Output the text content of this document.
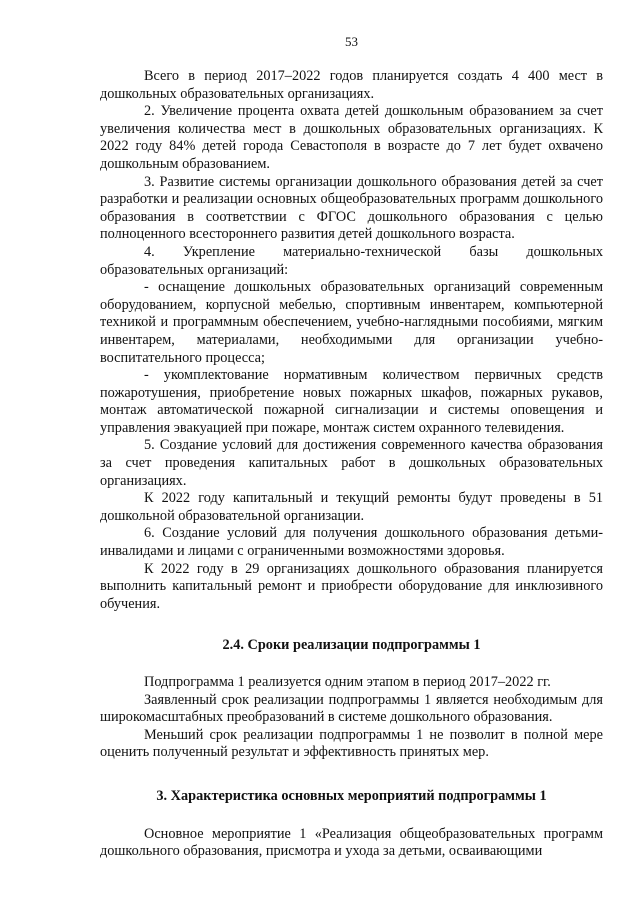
53

Всего в период 2017–2022 годов планируется создать 4 400 мест в дошкольных образовательных организациях.

2. Увеличение процента охвата детей дошкольным образованием за счет увеличения количества мест в дошкольных образовательных организациях. К 2022 году 84% детей города Севастополя в возрасте до 7 лет будет охвачено дошкольным образованием.

3. Развитие системы организации дошкольного образования детей за счет разработки и реализации основных общеобразовательных программ дошкольного образования в соответствии с ФГОС дошкольного образования с целью полноценного всестороннего развития детей дошкольного возраста.

4. Укрепление материально-технической базы дошкольных образовательных организаций:

- оснащение дошкольных образовательных организаций современным оборудованием, корпусной мебелью, спортивным инвентарем, компьютерной техникой и программным обеспечением, учебно-наглядными пособиями, мягким инвентарем, материалами, необходимыми для организации учебно-воспитательного процесса;

- укомплектование нормативным количеством первичных средств пожаротушения, приобретение новых пожарных шкафов, пожарных рукавов, монтаж автоматической пожарной сигнализации и системы оповещения и управления эвакуацией при пожаре, монтаж систем охранного телевидения.

5. Создание условий для достижения современного качества образования за счет проведения капитальных работ в дошкольных образовательных организациях.

К 2022 году капитальный и текущий ремонты будут проведены в 51 дошкольной образовательной организации.

6. Создание условий для получения дошкольного образования детьми-инвалидами и лицами с ограниченными возможностями здоровья.

К 2022 году в 29 организациях дошкольного образования планируется выполнить капитальный ремонт и приобрести оборудование для инклюзивного обучения.

2.4. Сроки реализации подпрограммы 1

Подпрограмма 1 реализуется одним этапом в период 2017–2022 гг.

Заявленный срок реализации подпрограммы 1 является необходимым для широкомасштабных преобразований в системе дошкольного образования.

Меньший срок реализации подпрограммы 1 не позволит в полной мере оценить полученный результат и эффективность принятых мер.

3. Характеристика основных мероприятий подпрограммы 1

Основное мероприятие 1 «Реализация общеобразовательных программ дошкольного образования, присмотра и ухода за детьми, осваивающими
